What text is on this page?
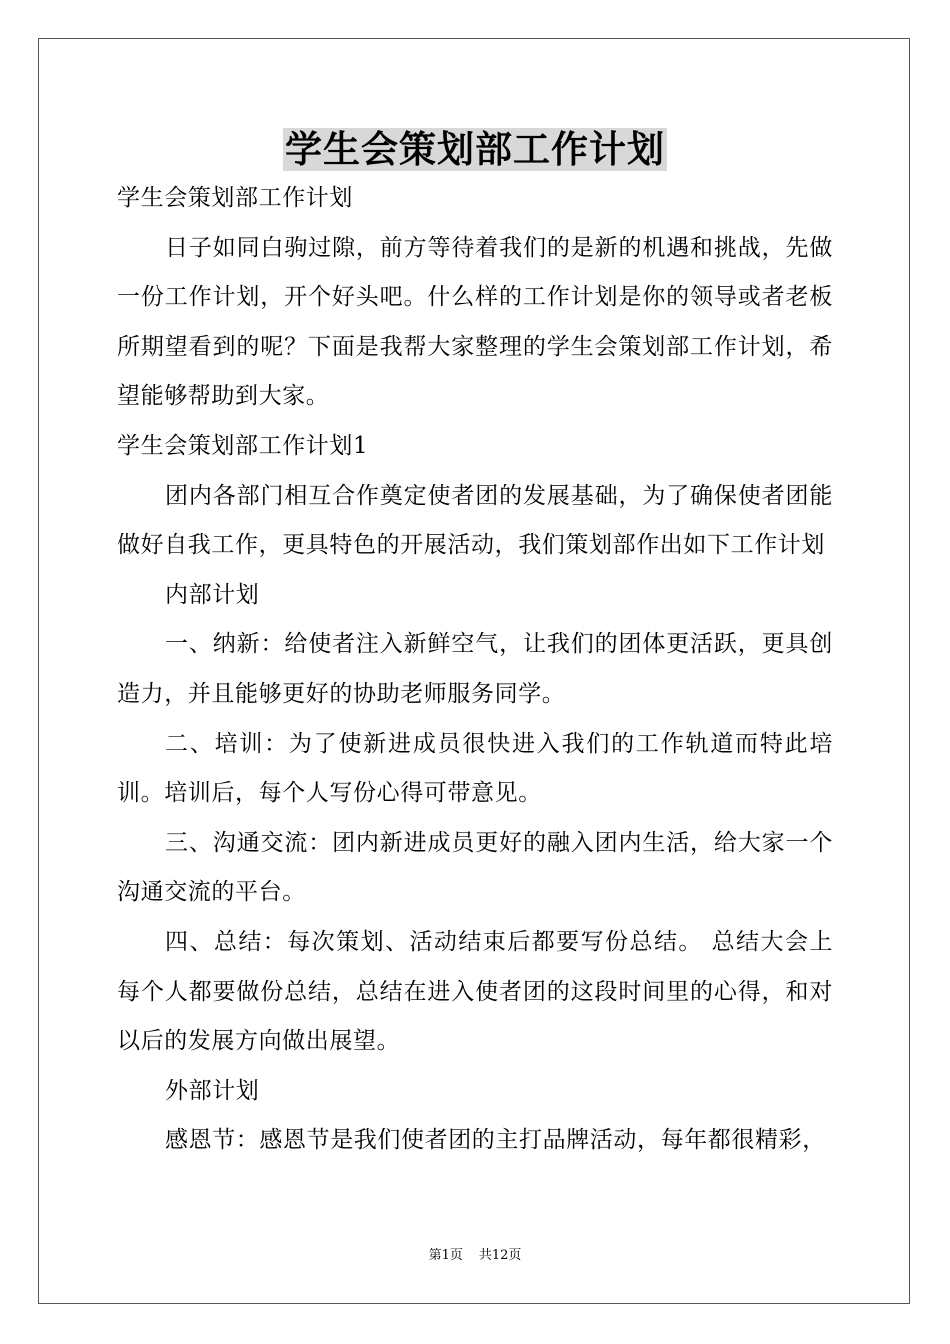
学生会策划部工作计划

学生会策划部工作计划

日子如同白驹过隙，前方等待着我们的是新的机遇和挑战，先做一份工作计划，开个好头吧。什么样的工作计划是你的领导或者老板所期望看到的呢？下面是我帮大家整理的学生会策划部工作计划，希望能够帮助到大家。

学生会策划部工作计划1

团内各部门相互合作奠定使者团的发展基础，为了确保使者团能做好自我工作，更具特色的开展活动，我们策划部作出如下工作计划

内部计划

一、纳新：给使者注入新鲜空气，让我们的团体更活跃，更具创造力，并且能够更好的协助老师服务同学。

二、培训：为了使新进成员很快进入我们的工作轨道而特此培训。培训后，每个人写份心得可带意见。

三、沟通交流：团内新进成员更好的融入团内生活，给大家一个沟通交流的平台。

四、总结：每次策划、活动结束后都要写份总结。 总结大会上每个人都要做份总结，总结在进入使者团的这段时间里的心得，和对以后的发展方向做出展望。

外部计划

感恩节：感恩节是我们使者团的主打品牌活动，每年都很精彩，

第1页 共12页
